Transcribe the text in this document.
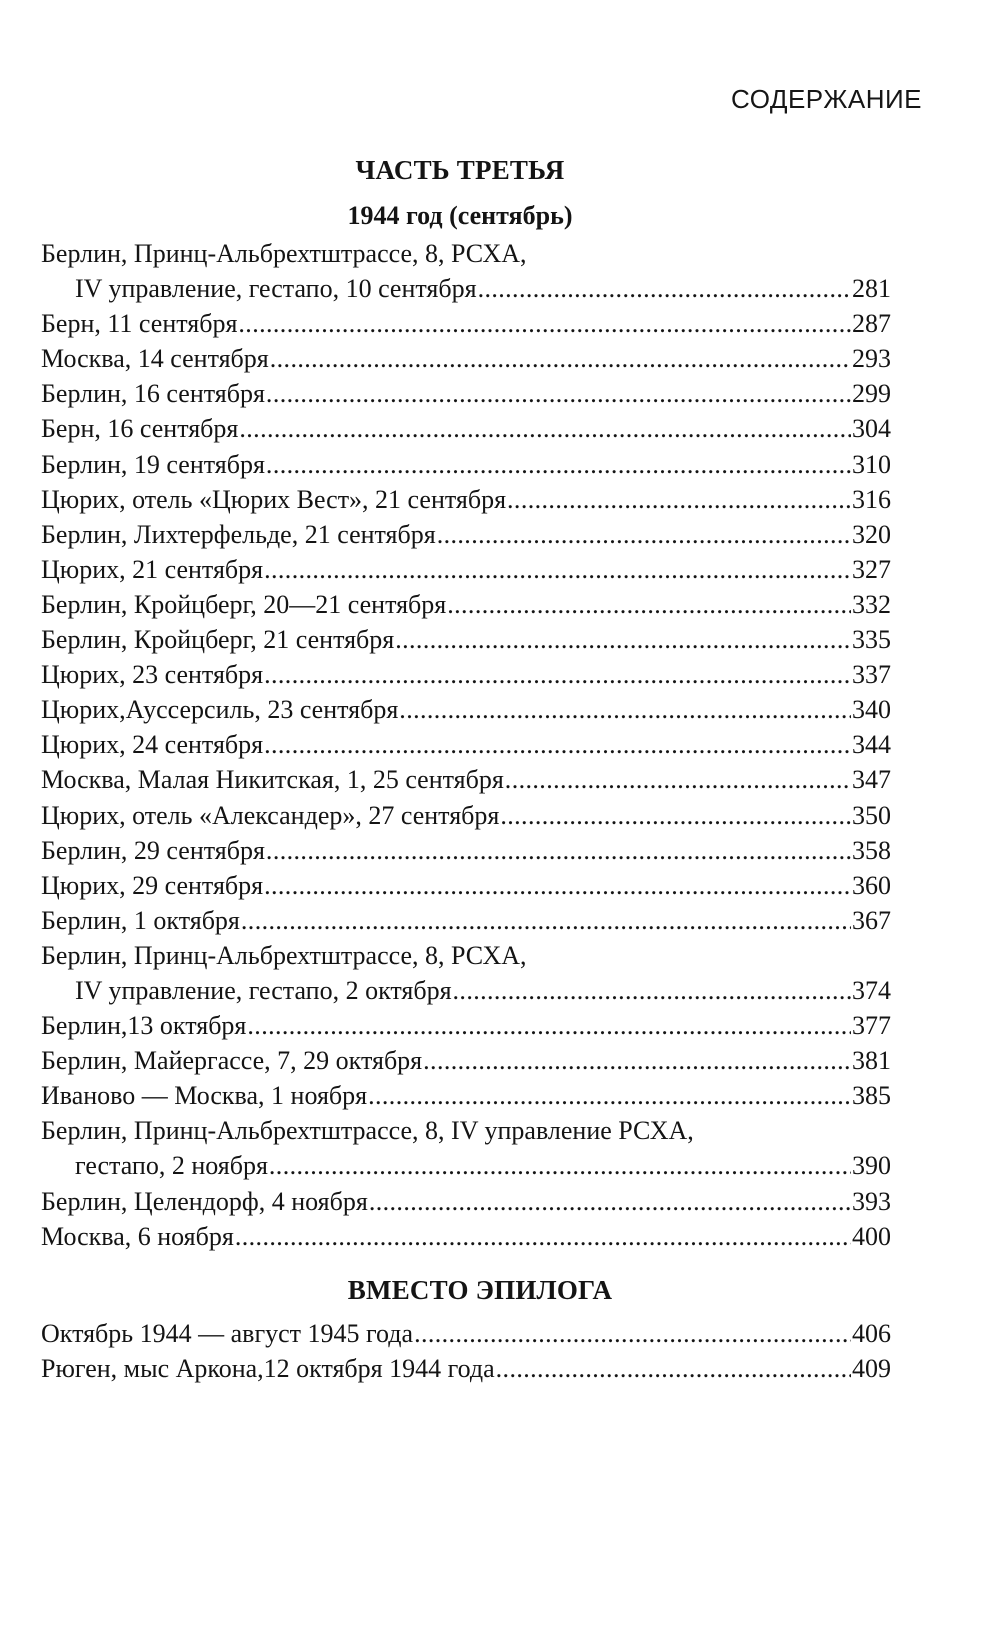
СОДЕРЖАНИЕ
ЧАСТЬ ТРЕТЬЯ
1944 год (сентябрь)
Берлин, Принц-Альбрехтштрассе, 8, РСХА,
IV управление, гестапо, 10 сентября .....	281
Берн, 11 сентября .....	287
Москва, 14 сентября .....	293
Берлин, 16 сентября .....	299
Берн, 16 сентября .....	304
Берлин, 19 сентября .....	310
Цюрих, отель «Цюрих Вест», 21 сентября .....	316
Берлин, Лихтерфельде, 21 сентября .....	320
Цюрих, 21 сентября .....	327
Берлин, Кройцберг, 20—21 сентября .....	332
Берлин, Кройцберг, 21 сентября .....	335
Цюрих, 23 сентября .....	337
Цюрих,Ауссерсиль, 23 сентября .....	340
Цюрих, 24 сентября .....	344
Москва, Малая Никитская, 1, 25 сентября .....	347
Цюрих, отель «Александер», 27 сентября .....	350
Берлин, 29 сентября .....	358
Цюрих, 29 сентября .....	360
Берлин, 1 октября .....	367
Берлин, Принц-Альбрехтштрассе, 8, РСХА,
IV управление, гестапо, 2 октября .....	374
Берлин,13 октября .....	377
Берлин, Майергассе, 7, 29 октября .....	381
Иваново — Москва, 1 ноября .....	385
Берлин, Принц-Альбрехтштрассе, 8, IV управление РСХА,
гестапо, 2 ноября .....	390
Берлин, Целендорф, 4 ноября .....	393
Москва, 6 ноября .....	400
ВМЕСТО ЭПИЛОГА
Октябрь 1944 — август 1945 года .....	406
Рюген, мыс Аркона,12 октября 1944 года .....	409
